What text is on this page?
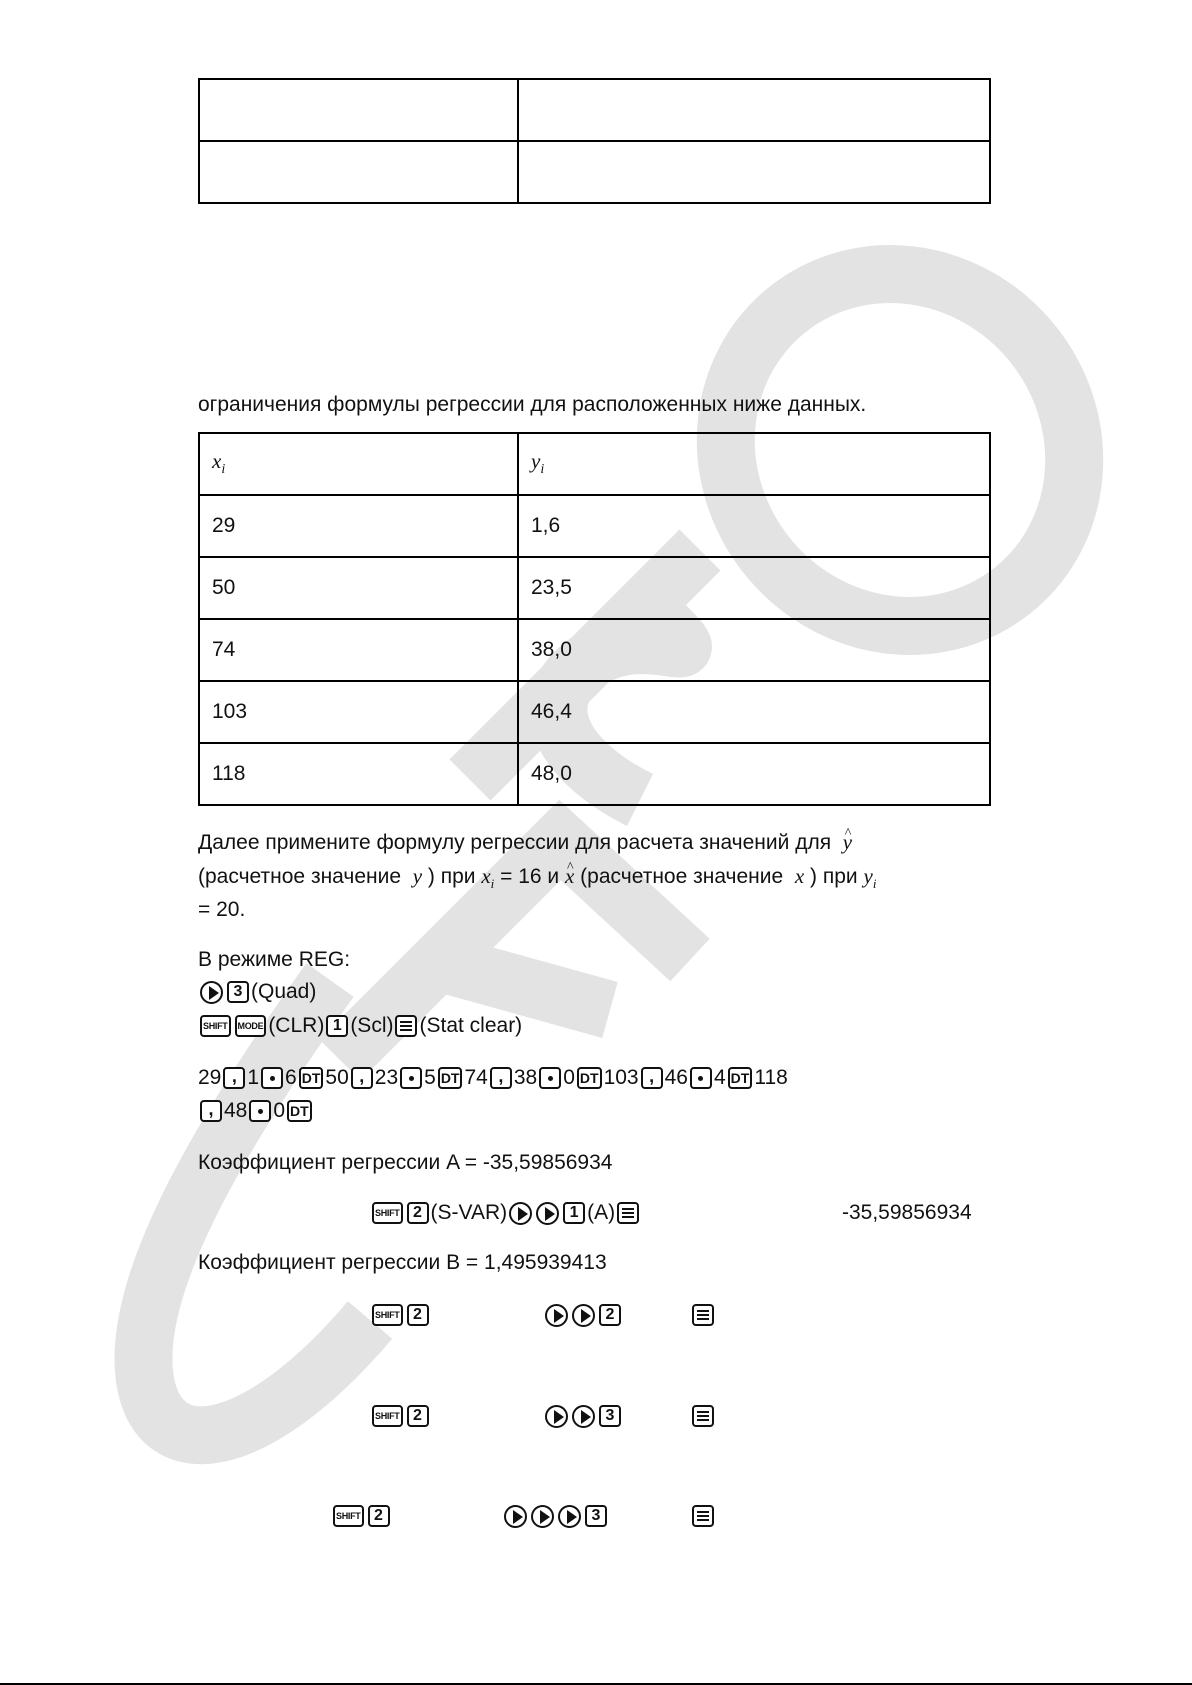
ограничения формулы регрессии для расположенных ниже данных.
$x_i$	$y_i$
29	1,6
50	23,5
74	38,0
103	46,4
118	48,0
Далее примените формулу регрессии для расчета значений для ^ y
(расчетное значение y ) при $x_i = 16$ и ^ x (расчетное значение x ) при $y_i$
= 20.
В режиме REG:
3 (Quad)
SHIFT MODE (CLR) 1 (Scl) (Stat clear)
29 , 1 6 DT 50 , 23 5 DT 74 , 38 0 DT 103 , 46 4 DT 118
, 48 0 DT
Коэффициент регрессии A = -35,59856934
SHIFT 2 (S-VAR)	1 (A)	-35,59856934
Коэффициент регрессии B = 1,495939413
SHIFT 2	2
SHIFT 2	3
SHIFT 2	3
